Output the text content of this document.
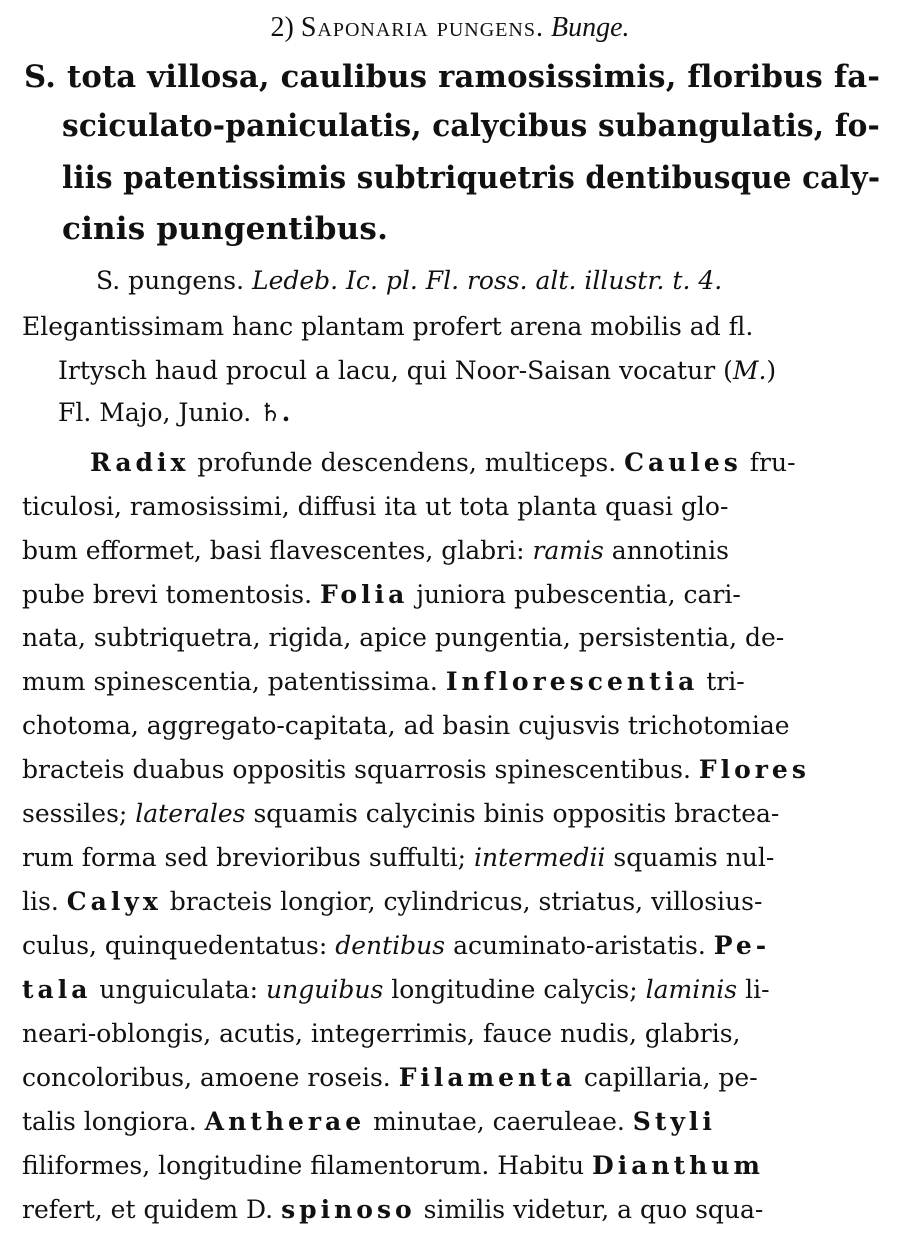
2) Saponaria pungens. Bunge.
S. tota villosa, caulibus ramosissimis, floribus fa-
sciculato-paniculatis, calycibus subangulatis, fo-
liis patentissimis subtriquetris dentibusque caly-
cinis pungentibus.
S. pungens. Ledeb. Ic. pl. Fl. ross. alt. illustr. t. 4.
Elegantissimam hanc plantam profert arena mobilis ad fl.
Irtysch haud procul a lacu, qui Noor-Saisan vocatur (M.)
Fl. Majo, Junio. ♄.
Radix profunde descendens, multiceps. Caules fru-
ticulosi, ramosissimi, diffusi ita ut tota planta quasi glo-
bum efformet, basi flavescentes, glabri: ramis annotinis
pube brevi tomentosis. Folia juniora pubescentia, cari-
nata, subtriquetra, rigida, apice pungentia, persistentia, de-
mum spinescentia, patentissima. Inflorescentia tri-
chotoma, aggregato-capitata, ad basin cujusvis trichotomiae
bracteis duabus oppositis squarrosis spinescentibus. Flores
sessiles; laterales squamis calycinis binis oppositis bractea-
rum forma sed brevioribus suffulti; intermedii squamis nul-
lis. Calyx bracteis longior, cylindricus, striatus, villosius-
culus, quinquedentatus: dentibus acuminato-aristatis. Pe-
tala unguiculata: unguibus longitudine calycis; laminis li-
neari-oblongis, acutis, integerrimis, fauce nudis, glabris,
concoloribus, amoene roseis. Filamenta capillaria, pe-
talis longiora. Antherae minutae, caeruleae. Styli
filiformes, longitudine filamentorum. Habitu Dianthum
refert, et quidem D. spinoso similis videtur, a quo squa-
